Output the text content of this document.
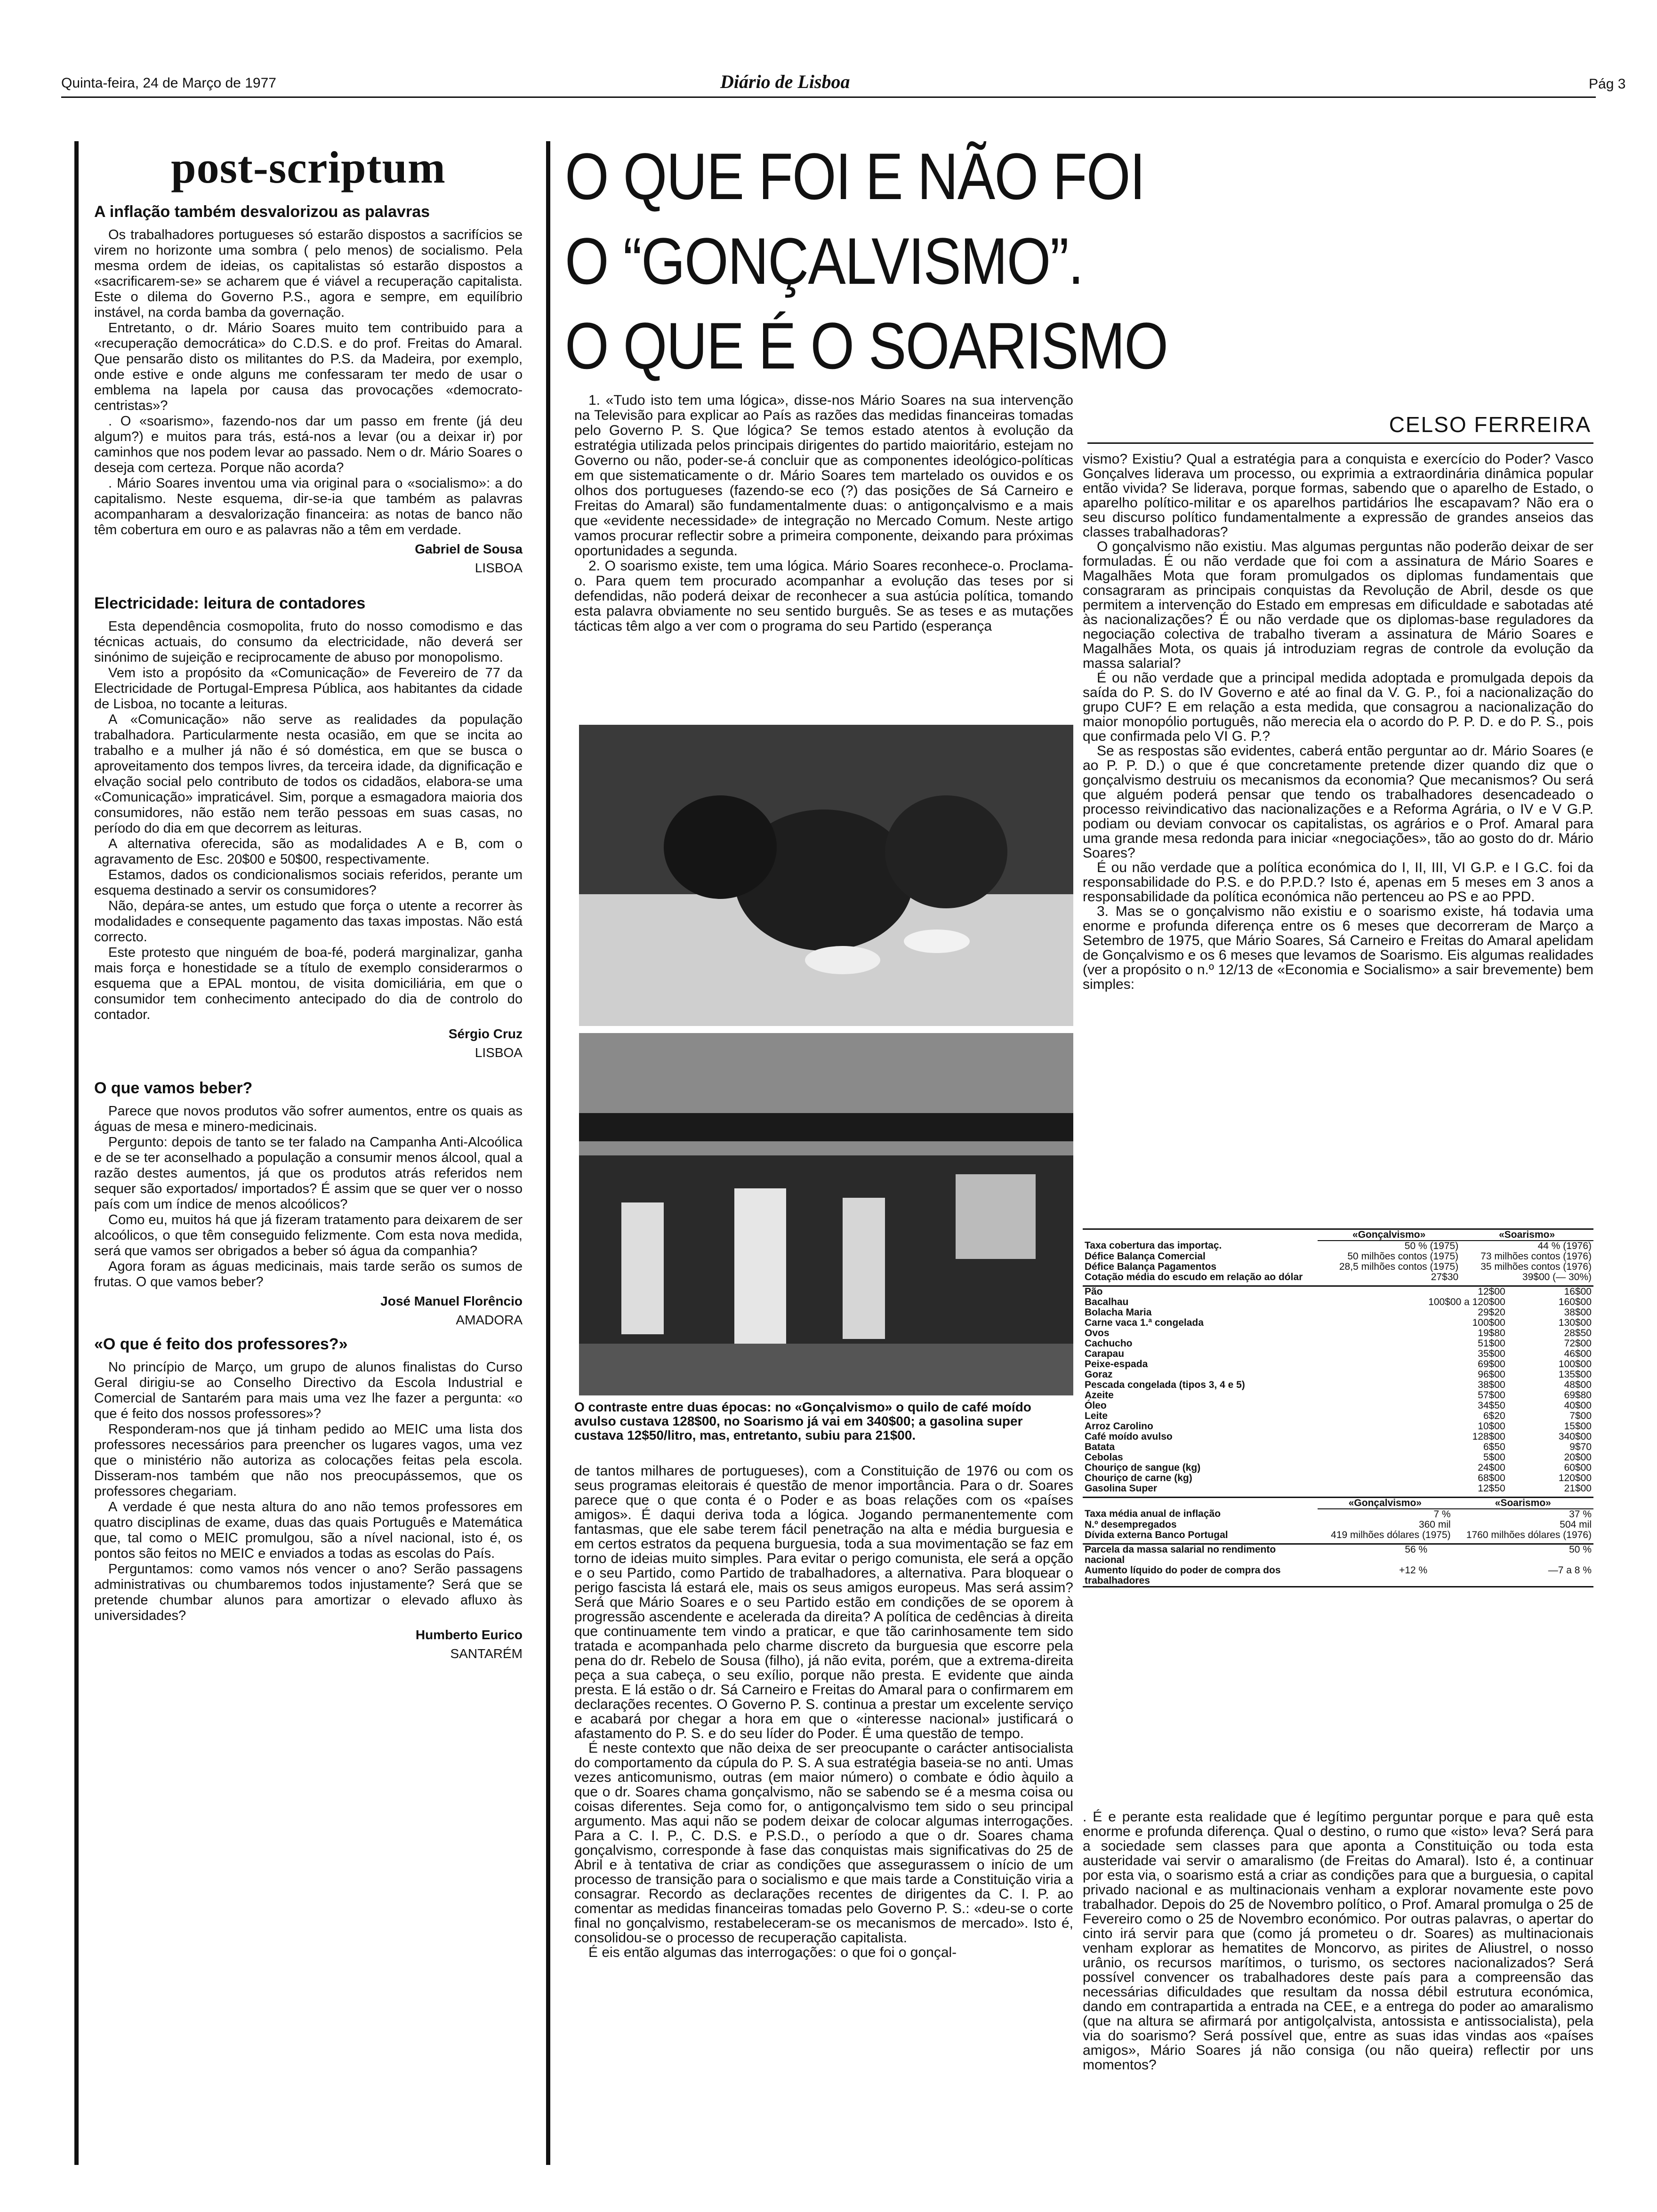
Quinta-feira, 24 de Março de 1977	Diário de Lisboa	Pág 3
post-scriptum
A inflação também desvalorizou as palavras

Os trabalhadores portugueses só estarão dispostos a sacrifícios se virem no horizonte uma sombra ( pelo menos) de socialismo. Pela mesma ordem de ideias, os capitalistas só estarão dispostos a «sacrificarem-se» se acharem que é viável a recuperação capitalista. Este o dilema do Governo P.S., agora e sempre, em equilíbrio instável, na corda bamba da governação.

Entretanto, o dr. Mário Soares muito tem contribuido para a «recuperação democrática» do C.D.S. e do prof. Freitas do Amaral. Que pensarão disto os militantes do P.S. da Madeira, por exemplo, onde estive e onde alguns me confessaram ter medo de usar o emblema na lapela por causa das provocações «democrato-centristas»?

. O «soarismo», fazendo-nos dar um passo em frente (já deu algum?) e muitos para trás, está-nos a levar (ou a deixar ir) por caminhos que nos podem levar ao passado. Nem o dr. Mário Soares o deseja com certeza. Porque não acorda?

. Mário Soares inventou uma via original para o «socialismo»: a do capitalismo. Neste esquema, dir-se-ia que também as palavras acompanharam a desvalorização financeira: as notas de banco não têm cobertura em ouro e as palavras não a têm em verdade.

Gabriel de Sousa
LISBOA
Electricidade: leitura de contadores

Esta dependência cosmopolita, fruto do nosso comodismo e das técnicas actuais, do consumo da electricidade, não deverá ser sinónimo de sujeição e reciprocamente de abuso por monopolismo.

Vem isto a propósito da «Comunicação» de Fevereiro de 77 da Electricidade de Portugal-Empresa Pública, aos habitantes da cidade de Lisboa, no tocante a leituras.

A «Comunicação» não serve as realidades da população trabalhadora. Particularmente nesta ocasião, em que se incita ao trabalho e a mulher já não é só doméstica, em que se busca o aproveitamento dos tempos livres, da terceira idade, da dignificação e elvação social pelo contributo de todos os cidadãos, elabora-se uma «Comunicação» impraticável. Sim, porque a esmagadora maioria dos consumidores, não estão nem terão pessoas em suas casas, no período do dia em que decorrem as leituras.

A alternativa oferecida, são as modalidades A e B, com o agravamento de Esc. 20$00 e 50$00, respectivamente.

Estamos, dados os condicionalismos sociais referidos, perante um esquema destinado a servir os consumidores?

Não, depára-se antes, um estudo que força o utente a recorrer às modalidades e consequente pagamento das taxas impostas. Não está correcto.

Este protesto que ninguém de boa-fé, poderá marginalizar, ganha mais força e honestidade se a título de exemplo considerarmos o esquema que a EPAL montou, de visita domiciliária, em que o consumidor tem conhecimento antecipado do dia de controlo do contador.

Sérgio Cruz
LISBOA
O que vamos beber?

Parece que novos produtos vão sofrer aumentos, entre os quais as águas de mesa e minero-medicinais.

Pergunto: depois de tanto se ter falado na Campanha Anti-Alcoólica e de se ter aconselhado a população a consumir menos álcool, qual a razão destes aumentos, já que os produtos atrás referidos nem sequer são exportados/ importados? É assim que se quer ver o nosso país com um índice de menos alcoólicos?

Como eu, muitos há que já fizeram tratamento para deixarem de ser alcoólicos, o que têm conseguido felizmente. Com esta nova medida, será que vamos ser obrigados a beber só água da companhia?

Agora foram as águas medicinais, mais tarde serão os sumos de frutas. O que vamos beber?

José Manuel Florêncio
AMADORA
«O que é feito dos professores?»

No princípio de Março, um grupo de alunos finalistas do Curso Geral dirigiu-se ao Conselho Directivo da Escola Industrial e Comercial de Santarém para mais uma vez lhe fazer a pergunta: «o que é feito dos nossos professores»?

Responderam-nos que já tinham pedido ao MEIC uma lista dos professores necessários para preencher os lugares vagos, uma vez que o ministério não autoriza as colocações feitas pela escola. Disseram-nos também que não nos preocupássemos, que os professores chegariam.

A verdade é que nesta altura do ano não temos professores em quatro disciplinas de exame, duas das quais Português e Matemática que, tal como o MEIC promulgou, são a nível nacional, isto é, os pontos são feitos no MEIC e enviados a todas as escolas do País.

Perguntamos: como vamos nós vencer o ano? Serão passagens administrativas ou chumbaremos todos injustamente? Será que se pretende chumbar alunos para amortizar o elevado afluxo às universidades?

Humberto Eurico
SANTARÉM
O QUE FOI E NÃO FOI
O “GONÇALVISMO”.
O QUE É O SOARISMO
CELSO FERREIRA

1. «Tudo isto tem uma lógica», disse-nos Mário Soares na sua intervenção na Televisão para explicar ao País as razões das medidas financeiras tomadas pelo Governo P. S. Que lógica? Se temos estado atentos à evolução da estratégia utilizada pelos principais dirigentes do partido maioritário, estejam no Governo ou não, poder-se-á concluir que as componentes ideológico-políticas em que sistematicamente o dr. Mário Soares tem martelado os ouvidos e os olhos dos portugueses (fazendo-se eco (?) das posições de Sá Carneiro e Freitas do Amaral) são fundamentalmente duas: o antigonçalvismo e a mais que «evidente necessidade» de integração no Mercado Comum. Neste artigo vamos procurar reflectir sobre a primeira componente, deixando para próximas oportunidades a segunda.

2. O soarismo existe, tem uma lógica. Mário Soares reconhece-o. Proclama-o. Para quem tem procurado acompanhar a evolução das teses por si defendidas, não poderá deixar de reconhecer a sua astúcia política, tomando esta palavra obviamente no seu sentido burguês. Se as teses e as mutações tácticas têm algo a ver com o programa do seu Partido (esperança

O contraste entre duas épocas: no «Gonçalvismo» o quilo de café moído avulso custava 128$00, no Soarismo já vai em 340$00; a gasolina super custava 12$50/litro, mas, entretanto, subiu para 21$00.

de tantos milhares de portugueses), com a Constituição de 1976 ou com os seus programas eleitorais é questão de menor importância. Para o dr. Soares parece que o que conta é o Poder e as boas relações com os «países amigos». É daqui deriva toda a lógica. Jogando permanentemente com fantasmas, que ele sabe terem fácil penetração na alta e média burguesia e em certos estratos da pequena burguesia, toda a sua movimentação se faz em torno de ideias muito simples. Para evitar o perigo comunista, ele será a opção e o seu Partido, como Partido de trabalhadores, a alternativa. Para bloquear o perigo fascista lá estará ele, mais os seus amigos europeus. Mas será assim? Será que Mário Soares e o seu Partido estão em condições de se oporem à progressão ascendente e acelerada da direita? A política de cedências à direita que continuamente tem vindo a praticar, e que tão carinhosamente tem sido tratada e acompanhada pelo charme discreto da burguesia que escorre pela pena do dr. Rebelo de Sousa (filho), já não evita, porém, que a extrema-direita peça a sua cabeça, o seu exílio, porque não presta. E evidente que ainda presta. E lá estão o dr. Sá Carneiro e Freitas do Amaral para o confirmarem em declarações recentes. O Governo P. S. continua a prestar um excelente serviço e acabará por chegar a hora em que o «interesse nacional» justificará o afastamento do P. S. e do seu líder do Poder. É uma questão de tempo.

É neste contexto que não deixa de ser preocupante o carácter antisocialista do comportamento da cúpula do P. S. A sua estratégia baseia-se no anti. Umas vezes anticomunismo, outras (em maior número) o combate e ódio àquilo a que o dr. Soares chama gonçalvismo, não se sabendo se é a mesma coisa ou coisas diferentes. Seja como for, o antigonçalvismo tem sido o seu principal argumento. Mas aqui não se podem deixar de colocar algumas interrogações. Para a C. I. P., C. D.S. e P.S.D., o período a que o dr. Soares chama gonçalvismo, corresponde à fase das conquistas mais significativas do 25 de Abril e à tentativa de criar as condições que assegurassem o início de um processo de transição para o socialismo e que mais tarde a Constituição viria a consagrar. Recordo as declarações recentes de dirigentes da C. I. P. ao comentar as medidas financeiras tomadas pelo Governo P. S.: «deu-se o corte final no gonçalvismo, restabeleceram-se os mecanismos de mercado». Isto é, consolidou-se o processo de recuperação capitalista.

É eis então algumas das interrogações: o que foi o gonçal-

vismo? Existiu? Qual a estratégia para a conquista e exercício do Poder? Vasco Gonçalves liderava um processo, ou exprimia a extraordinária dinâmica popular então vivida? Se liderava, porque formas, sabendo que o aparelho de Estado, o aparelho político-militar e os aparelhos partidários lhe escapavam? Não era o seu discurso político fundamentalmente a expressão de grandes anseios das classes trabalhadoras?

O gonçalvismo não existiu. Mas algumas perguntas não poderão deixar de ser formuladas. É ou não verdade que foi com a assinatura de Mário Soares e Magalhães Mota que foram promulgados os diplomas fundamentais que consagraram as principais conquistas da Revolução de Abril, desde os que permitem a intervenção do Estado em empresas em dificuldade e sabotadas até às nacionalizações? É ou não verdade que os diplomas-base reguladores da negociação colectiva de trabalho tiveram a assinatura de Mário Soares e Magalhães Mota, os quais já introduziam regras de controle da evolução da massa salarial?

É ou não verdade que a principal medida adoptada e promulgada depois da saída do P. S. do IV Governo e até ao final da V. G. P., foi a nacionalização do grupo CUF? E em relação a esta medida, que consagrou a nacionalização do maior monopólio português, não merecia ela o acordo do P. P. D. e do P. S., pois que confirmada pelo VI G. P.?

Se as respostas são evidentes, caberá então perguntar ao dr. Mário Soares (e ao P. P. D.) o que é que concretamente pretende dizer quando diz que o gonçalvismo destruiu os mecanismos da economia? Que mecanismos? Ou será que alguém poderá pensar que tendo os trabalhadores desencadeado o processo reivindicativo das nacionalizações e a Reforma Agrária, o IV e V G.P. podiam ou deviam convocar os capitalistas, os agrários e o Prof. Amaral para uma grande mesa redonda para iniciar «negociações», tão ao gosto do dr. Mário Soares?

É ou não verdade que a política económica do I, II, III, VI G.P. e I G.C. foi da responsabilidade do P.S. e do P.P.D.? Isto é, apenas em 5 meses em 3 anos a responsabilidade da política económica não pertenceu ao PS e ao PPD.

3. Mas se o gonçalvismo não existiu e o soarismo existe, há todavia uma enorme e profunda diferença entre os 6 meses que decorreram de Março a Setembro de 1975, que Mário Soares, Sá Carneiro e Freitas do Amaral apelidam de Gonçalvismo e os 6 meses que levamos de Soarismo. Eis algumas realidades (ver a propósito o n.º 12/13 de «Economia e Socialismo» a sair brevemente) bem simples:

	«Gonçalvismo»	«Soarismo»
Taxa cobertura das importaç.	50 % (1975)	44 % (1976)
Défice Balança Comercial	50 milhões contos (1975)	73 milhões contos (1976)
Défice Balança Pagamentos	28,5 milhões contos (1975)	35 milhões contos (1976)
Cotação média do escudo em relação ao dólar	27$30	39$00 (— 30%)
Pão	12$00	16$00
Bacalhau	100$00 a 120$00	160$00
Bolacha Maria	29$20	38$00
Carne vaca 1.ª congelada	100$00	130$00
Ovos	19$80	28$50
Cachucho	51$00	72$00
Carapau	35$00	46$00
Peixe-espada	69$00	100$00
Goraz	96$00	135$00
Pescada congelada (tipos 3, 4 e 5)	38$00	48$00
Azeite	57$00	69$80
Óleo	34$50	40$00
Leite	6$20	7$00
Arroz Carolino	10$00	15$00
Café moído avulso	128$00	340$00
Batata	6$50	9$70
Cebolas	5$00	20$00
Chouriço de sangue (kg)	24$00	60$00
Chouriço de carne (kg)	68$00	120$00
Gasolina Super	12$50	21$00
	«Gonçalvismo»	«Soarismo»
Taxa média anual de inflação	7 %	37 %
N.º desempregados	360 mil	504 mil
Dívida externa Banco Portugal	419 milhões dólares (1975)	1760 milhões dólares (1976)
Parcela da massa salarial no rendimento nacional	56 %	50 %
Aumento líquido do poder de compra dos trabalhadores	+12 %	—7 a 8 %

. É e perante esta realidade que é legítimo perguntar porque e para quê esta enorme e profunda diferença. Qual o destino, o rumo que «isto» leva? Será para a sociedade sem classes para que aponta a Constituição ou toda esta austeridade vai servir o amaralismo (de Freitas do Amaral). Isto é, a continuar por esta via, o soarismo está a criar as condições para que a burguesia, o capital privado nacional e as multinacionais venham a explorar novamente este povo trabalhador. Depois do 25 de Novembro político, o Prof. Amaral promulga o 25 de Fevereiro como o 25 de Novembro económico. Por outras palavras, o apertar do cinto irá servir para que (como já prometeu o dr. Soares) as multinacionais venham explorar as hematites de Moncorvo, as pirites de Aliustrel, o nosso urânio, os recursos marítimos, o turismo, os sectores nacionalizados? Será possível convencer os trabalhadores deste país para a compreensão das necessárias dificuldades que resultam da nossa débil estrutura económica, dando em contrapartida a entrada na CEE, e a entrega do poder ao amaralismo (que na altura se afirmará por antigolçalvista, antossista e antissocialista), pela via do soarismo? Será possível que, entre as suas idas vindas aos «países amigos», Mário Soares já não consiga (ou não queira) reflectir por uns momentos?
